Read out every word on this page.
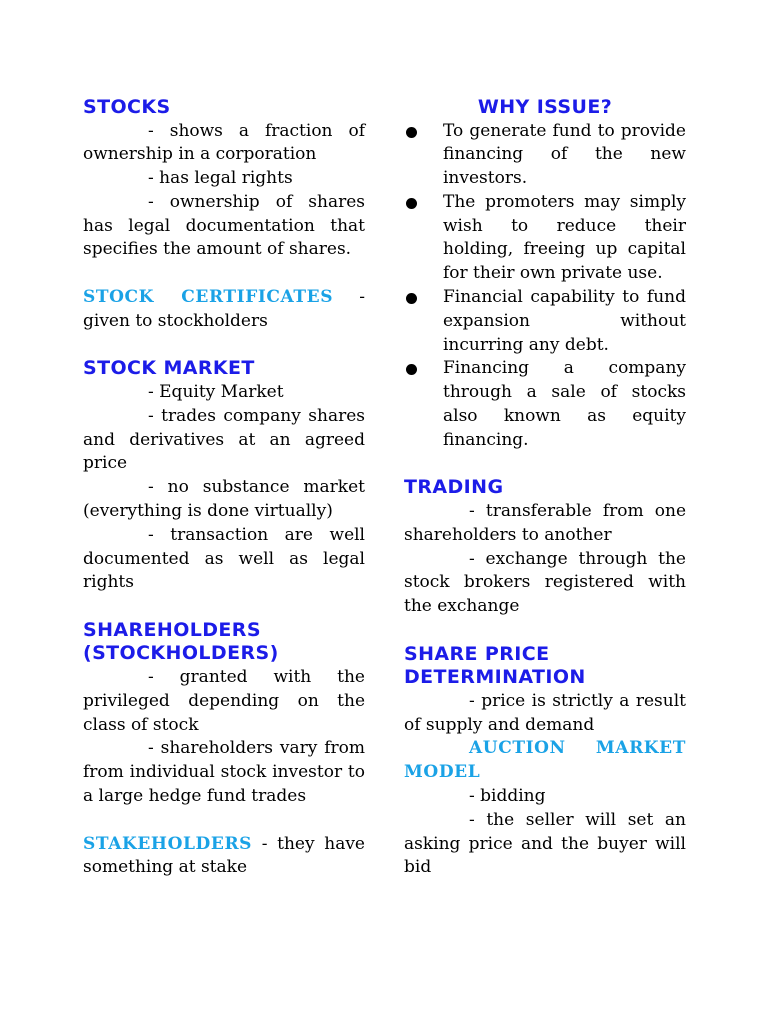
STOCKS

- shows a fraction of ownership in a corporation

- has legal rights

- ownership of shares has legal documentation that specifies the amount of shares.

STOCK CERTIFICATES - given to stockholders

STOCK MARKET

- Equity Market

- trades company shares and derivatives at an agreed price

- no substance market (everything is done virtually)

- transaction are well documented as well as legal rights

SHAREHOLDERS
(STOCKHOLDERS)

- granted with the privileged depending on the class of stock

- shareholders vary from from individual stock investor to a large hedge fund trades

STAKEHOLDERS - they have something at stake

WHY ISSUE?
To generate fund to provide financing of the new investors.
The promoters may simply wish to reduce their holding, freeing up capital for their own private use.
Financial capability to fund expansion without incurring any debt.
Financing a company through a sale of stocks also known as equity financing.
TRADING

- transferable from one shareholders to another

- exchange through the stock brokers registered with the exchange

SHARE PRICE
DETERMINATION

- price is strictly a result of supply and demand

AUCTION MARKET MODEL

- bidding

- the seller will set an asking price and the buyer will bid
